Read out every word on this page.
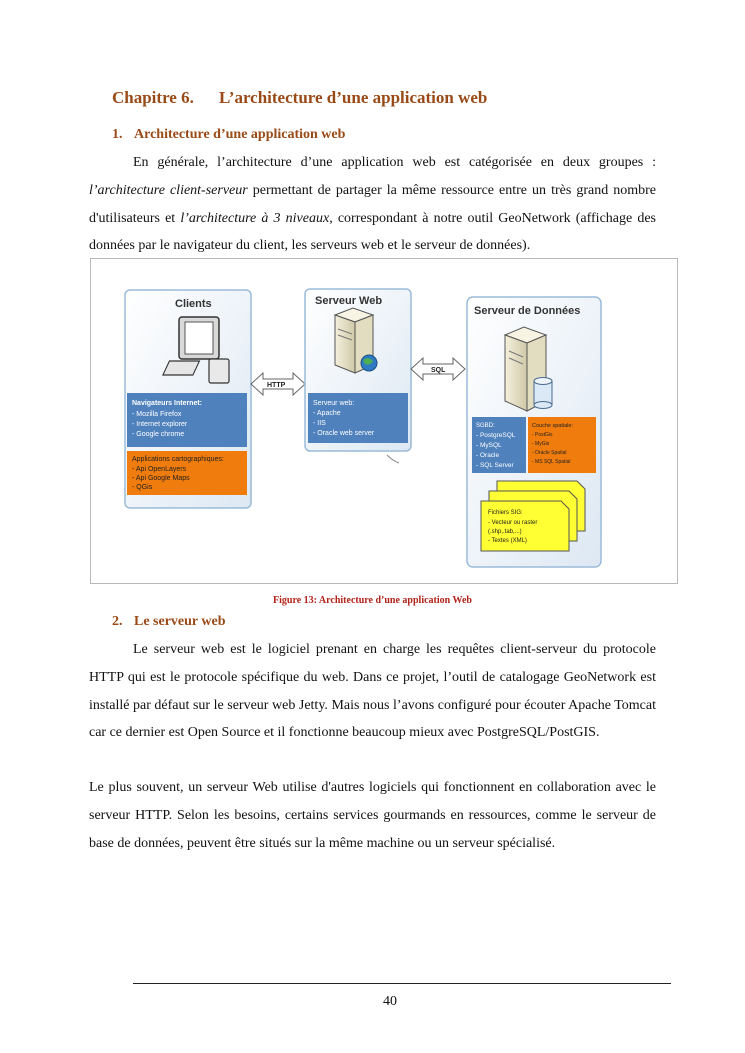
Chapitre 6. L’architecture d’une application web
1. Architecture d’une application web

En générale, l’architecture d’une application web est catégorisée en deux groupes : l’architecture client-serveur permettant de partager la même ressource entre un très grand nombre d'utilisateurs et l’architecture à 3 niveaux, correspondant à notre outil GeoNetwork (affichage des données par le navigateur du client, les serveurs web et le serveur de données).

Clients
Navigateurs Internet:
- Mozilla Firefox
- Internet explorer
- Google chrome
Applications cartographiques:
- Api OpenLayers
- Api Google Maps
- QGis
HTTP
Serveur Web
Serveur web:
- Apache
- IIS
- Oracle web server
SQL
Serveur de Données
SGBD:
- PostgreSQL
- MySQL
- Oracle
- SQL Server
Couche spatiale:
- PostGis
- MyGis
- Oracle Spatial
- MS SQL Spatial
Fichiers SIG:
- Vecteur ou raster
(.shp,.tab,...)
- Textes (XML)
Figure 13: Architecture d’une application Web
2. Le serveur web

Le serveur web est le logiciel prenant en charge les requêtes client-serveur du protocole HTTP qui est le protocole spécifique du web. Dans ce projet, l’outil de catalogage GeoNetwork est installé par défaut sur le serveur web Jetty. Mais nous l’avons configuré pour écouter Apache Tomcat car ce dernier est Open Source et il fonctionne beaucoup mieux avec PostgreSQL/PostGIS.

Le plus souvent, un serveur Web utilise d'autres logiciels qui fonctionnent en collaboration avec le serveur HTTP. Selon les besoins, certains services gourmands en ressources, comme le serveur de base de données, peuvent être situés sur la même machine ou un serveur spécialisé.

40
